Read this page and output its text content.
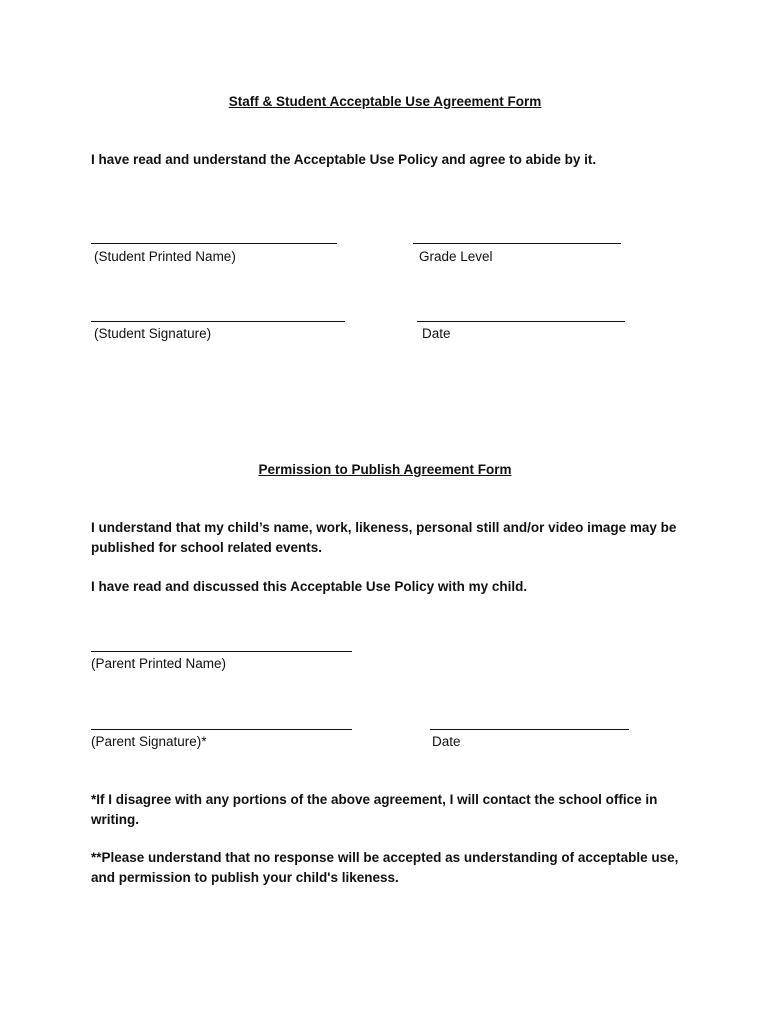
Staff & Student Acceptable Use Agreement Form
I have read and understand the Acceptable Use Policy and agree to abide by it.
(Student Printed Name)	Grade Level
(Student Signature)	Date
Permission to Publish Agreement Form
I understand that my child’s name, work, likeness, personal still and/or video image may be published for school related events.
I have read and discussed this Acceptable Use Policy with my child.
(Parent Printed Name)
(Parent Signature)*	Date
*If I disagree with any portions of the above agreement, I will contact the school office in writing.
**Please understand that no response will be accepted as understanding of acceptable use, and permission to publish your child's likeness.
